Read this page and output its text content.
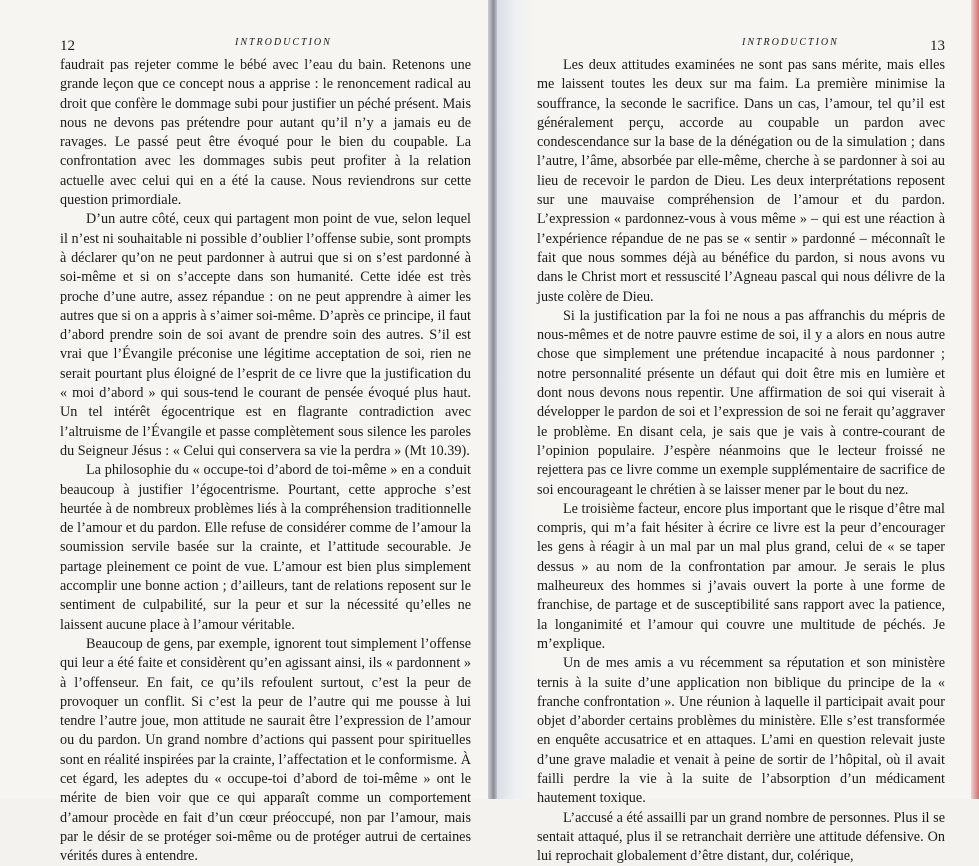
12	INTRODUCTION

faudrait pas rejeter comme le bébé avec l’eau du bain. Retenons une grande leçon que ce concept nous a apprise : le renoncement radical au droit que confère le dommage subi pour justifier un péché présent. Mais nous ne devons pas prétendre pour autant qu’il n’y a jamais eu de ravages. Le passé peut être évoqué pour le bien du coupable. La confrontation avec les dommages subis peut profiter à la relation actuelle avec celui qui en a été la cause. Nous reviendrons sur cette question primordiale.

D’un autre côté, ceux qui partagent mon point de vue, selon lequel il n’est ni souhaitable ni possible d’oublier l’offense subie, sont prompts à déclarer qu’on ne peut pardonner à autrui que si on s’est pardonné à soi-même et si on s’accepte dans son humanité. Cette idée est très proche d’une autre, assez répandue : on ne peut apprendre à aimer les autres que si on a appris à s’aimer soi-même. D’après ce principe, il faut d’abord prendre soin de soi avant de prendre soin des autres. S’il est vrai que l’Évangile préconise une légitime acceptation de soi, rien ne serait pourtant plus éloigné de l’esprit de ce livre que la justification du « moi d’abord » qui sous-tend le courant de pensée évoqué plus haut. Un tel intérêt égocentrique est en flagrante contradiction avec l’altruisme de l’Évangile et passe complètement sous silence les paroles du Seigneur Jésus : « Celui qui conservera sa vie la perdra » (Mt 10.39).

La philosophie du « occupe-toi d’abord de toi-même » en a conduit beaucoup à justifier l’égocentrisme. Pourtant, cette approche s’est heurtée à de nombreux problèmes liés à la compréhension traditionnelle de l’amour et du pardon. Elle refuse de considérer comme de l’amour la soumission servile basée sur la crainte, et l’attitude secourable. Je partage pleinement ce point de vue. L’amour est bien plus simplement accomplir une bonne action ; d’ailleurs, tant de relations reposent sur le sentiment de culpabilité, sur la peur et sur la nécessité qu’elles ne laissent aucune place à l’amour véritable.

Beaucoup de gens, par exemple, ignorent tout simplement l’offense qui leur a été faite et considèrent qu’en agissant ainsi, ils « pardonnent » à l’offenseur. En fait, ce qu’ils refoulent surtout, c’est la peur de provoquer un conflit. Si c’est la peur de l’autre qui me pousse à lui tendre l’autre joue, mon attitude ne saurait être l’expression de l’amour ou du pardon. Un grand nombre d’actions qui passent pour spirituelles sont en réalité inspirées par la crainte, l’affectation et le conformisme. À cet égard, les adeptes du « occupe-toi d’abord de toi-même » ont le mérite de bien voir que ce qui apparaît comme un comportement d’amour procède en fait d’un cœur préoccupé, non par l’amour, mais par le désir de se protéger soi-même ou de protéger autrui de certaines vérités dures à entendre.

INTRODUCTION	13

Les deux attitudes examinées ne sont pas sans mérite, mais elles me laissent toutes les deux sur ma faim. La première minimise la souffrance, la seconde le sacrifice. Dans un cas, l’amour, tel qu’il est généralement perçu, accorde au coupable un pardon avec condescendance sur la base de la dénégation ou de la simulation ; dans l’autre, l’âme, absorbée par elle-même, cherche à se pardonner à soi au lieu de recevoir le pardon de Dieu. Les deux interprétations reposent sur une mauvaise compréhension de l’amour et du pardon. L’expression « pardonnez-vous à vous même » – qui est une réaction à l’expérience répandue de ne pas se « sentir » pardonné – méconnaît le fait que nous sommes déjà au bénéfice du pardon, si nous avons vu dans le Christ mort et ressuscité l’Agneau pascal qui nous délivre de la juste colère de Dieu.

Si la justification par la foi ne nous a pas affranchis du mépris de nous-mêmes et de notre pauvre estime de soi, il y a alors en nous autre chose que simplement une prétendue incapacité à nous pardonner ; notre personnalité présente un défaut qui doit être mis en lumière et dont nous devons nous repentir. Une affirmation de soi qui viserait à développer le pardon de soi et l’expression de soi ne ferait qu’aggraver le problème. En disant cela, je sais que je vais à contre-courant de l’opinion populaire. J’espère néanmoins que le lecteur froissé ne rejettera pas ce livre comme un exemple supplémentaire de sacrifice de soi encourageant le chrétien à se laisser mener par le bout du nez.

Le troisième facteur, encore plus important que le risque d’être mal compris, qui m’a fait hésiter à écrire ce livre est la peur d’encourager les gens à réagir à un mal par un mal plus grand, celui de « se taper dessus » au nom de la confrontation par amour. Je serais le plus malheureux des hommes si j’avais ouvert la porte à une forme de franchise, de partage et de susceptibilité sans rapport avec la patience, la longanimité et l’amour qui couvre une multitude de péchés. Je m’explique.

Un de mes amis a vu récemment sa réputation et son ministère ternis à la suite d’une application non biblique du principe de la « franche confrontation ». Une réunion à laquelle il participait avait pour objet d’aborder certains problèmes du ministère. Elle s’est transformée en enquête accusatrice et en attaques. L’ami en question relevait juste d’une grave maladie et venait à peine de sortir de l’hôpital, où il avait failli perdre la vie à la suite de l’absorption d’un médicament hautement toxique.

L’accusé a été assailli par un grand nombre de personnes. Plus il se sentait attaqué, plus il se retranchait derrière une attitude défensive. On lui reprochait globalement d’être distant, dur, colérique,
